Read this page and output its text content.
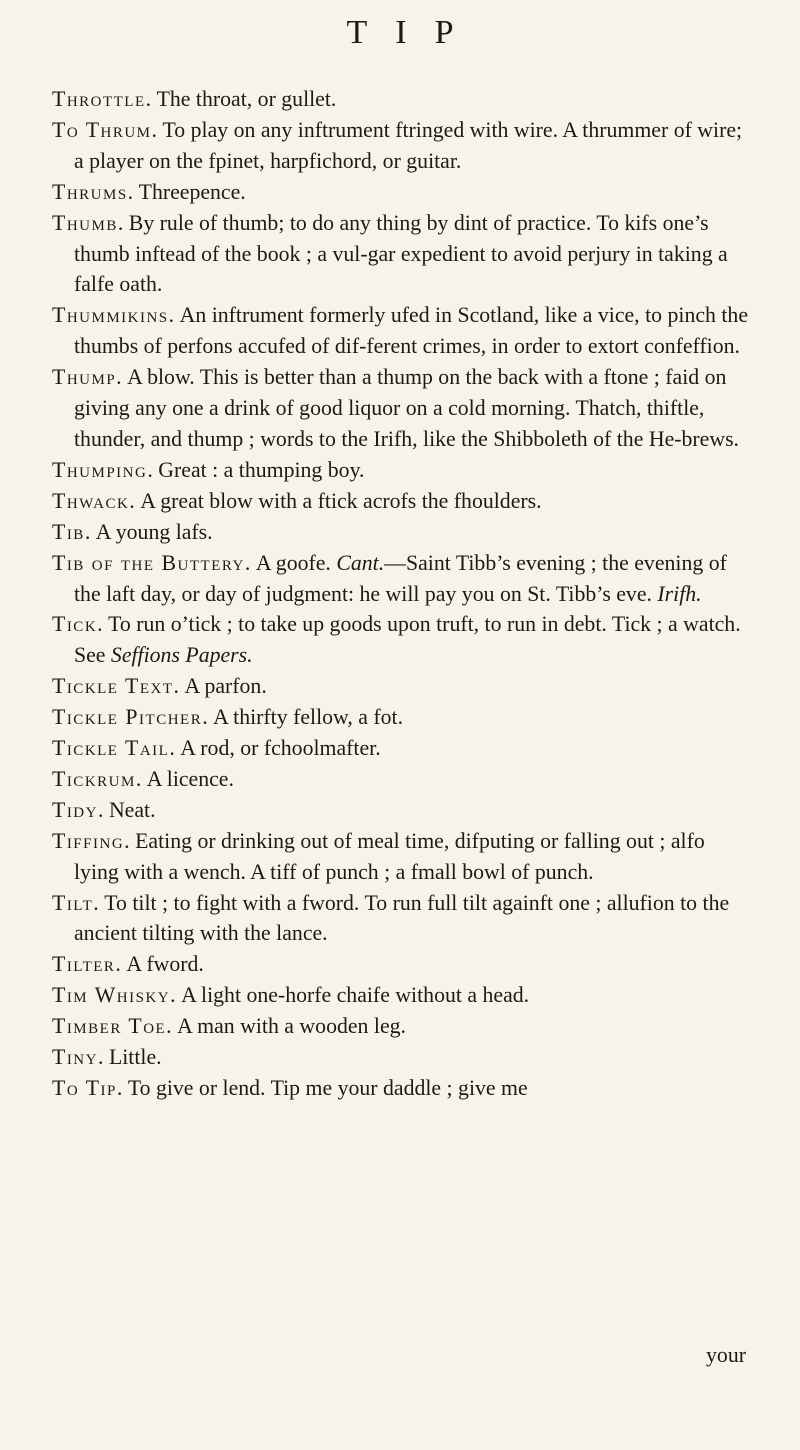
TIP

Throttle. The throat, or gullet.

To Thrum. To play on any inftrument ftringed with wire. A thrummer of wire; a player on the fpinet, harpfichord, or guitar.

Thrums. Threepence.

Thumb. By rule of thumb; to do any thing by dint of practice. To kifs one’s thumb inftead of the book ; a vul-gar expedient to avoid perjury in taking a falfe oath.

Thummikins. An inftrument formerly ufed in Scotland, like a vice, to pinch the thumbs of perfons accufed of dif-ferent crimes, in order to extort confeffion.

Thump. A blow. This is better than a thump on the back with a ftone ; faid on giving any one a drink of good liquor on a cold morning. Thatch, thiftle, thunder, and thump ; words to the Irifh, like the Shibboleth of the He-brews.

Thumping. Great : a thumping boy.

Thwack. A great blow with a ftick acrofs the fhoulders.

Tib. A young lafs.

Tib of the Buttery. A goofe. Cant.—Saint Tibb’s evening ; the evening of the laft day, or day of judgment: he will pay you on St. Tibb’s eve. Irifh.

Tick. To run o’tick ; to take up goods upon truft, to run in debt. Tick ; a watch. See Seffions Papers.

Tickle Text. A parfon.

Tickle Pitcher. A thirfty fellow, a fot.

Tickle Tail. A rod, or fchoolmafter.

Tickrum. A licence.

Tidy. Neat.

Tiffing. Eating or drinking out of meal time, difputing or falling out ; alfo lying with a wench. A tiff of punch ; a fmall bowl of punch.

Tilt. To tilt ; to fight with a fword. To run full tilt againft one ; allufion to the ancient tilting with the lance.

Tilter. A fword.

Tim Whisky. A light one-horfe chaife without a head.

Timber Toe. A man with a wooden leg.

Tiny. Little.

To Tip. To give or lend. Tip me your daddle ; give me

your
